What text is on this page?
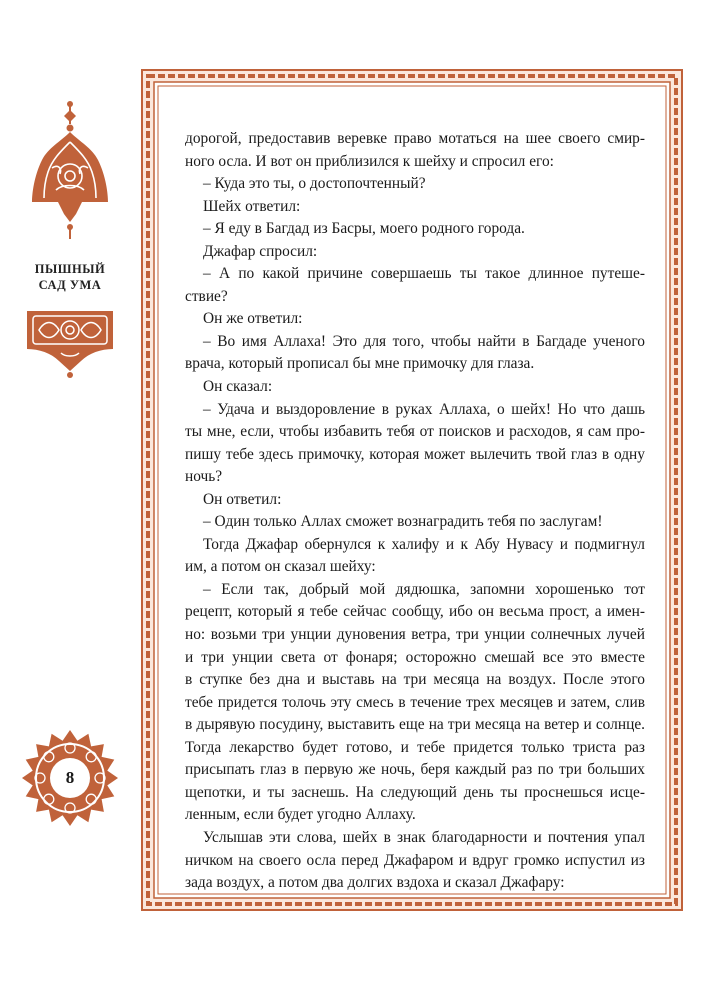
ПЫШНЫЙ
САД УМА
8
дорогой, предоставив веревке право мотаться на шее своего смир-
ного осла. И вот он приблизился к шейху и спросил его:
– Куда это ты, о достопочтенный?
Шейх ответил:
– Я еду в Багдад из Басры, моего родного города.
Джафар спросил:
– А по какой причине совершаешь ты такое длинное путеше-
ствие?
Он же ответил:
– Во имя Аллаха! Это для того, чтобы найти в Багдаде ученого
врача, который прописал бы мне примочку для глаза.
Он сказал:
– Удача и выздоровление в руках Аллаха, о шейх! Но что дашь
ты мне, если, чтобы избавить тебя от поисков и расходов, я сам про-
пишу тебе здесь примочку, которая может вылечить твой глаз в одну
ночь?
Он ответил:
– Один только Аллах сможет вознаградить тебя по заслугам!
Тогда Джафар обернулся к халифу и к Абу Нувасу и подмигнул
им, а потом он сказал шейху:
– Если так, добрый мой дядюшка, запомни хорошенько тот
рецепт, который я тебе сейчас сообщу, ибо он весьма прост, а имен-
но: возьми три унции дуновения ветра, три унции солнечных лучей
и три унции света от фонаря; осторожно смешай все это вместе
в ступке без дна и выставь на три месяца на воздух. После этого
тебе придется толочь эту смесь в течение трех месяцев и затем, слив
в дырявую посудину, выставить еще на три месяца на ветер и солнце.
Тогда лекарство будет готово, и тебе придется только триста раз
присыпать глаз в первую же ночь, беря каждый раз по три больших
щепотки, и ты заснешь. На следующий день ты проснешься исце-
ленным, если будет угодно Аллаху.
Услышав эти слова, шейх в знак благодарности и почтения упал
ничком на своего осла перед Джафаром и вдруг громко испустил из
зада воздух, а потом два долгих вздоха и сказал Джафару:
